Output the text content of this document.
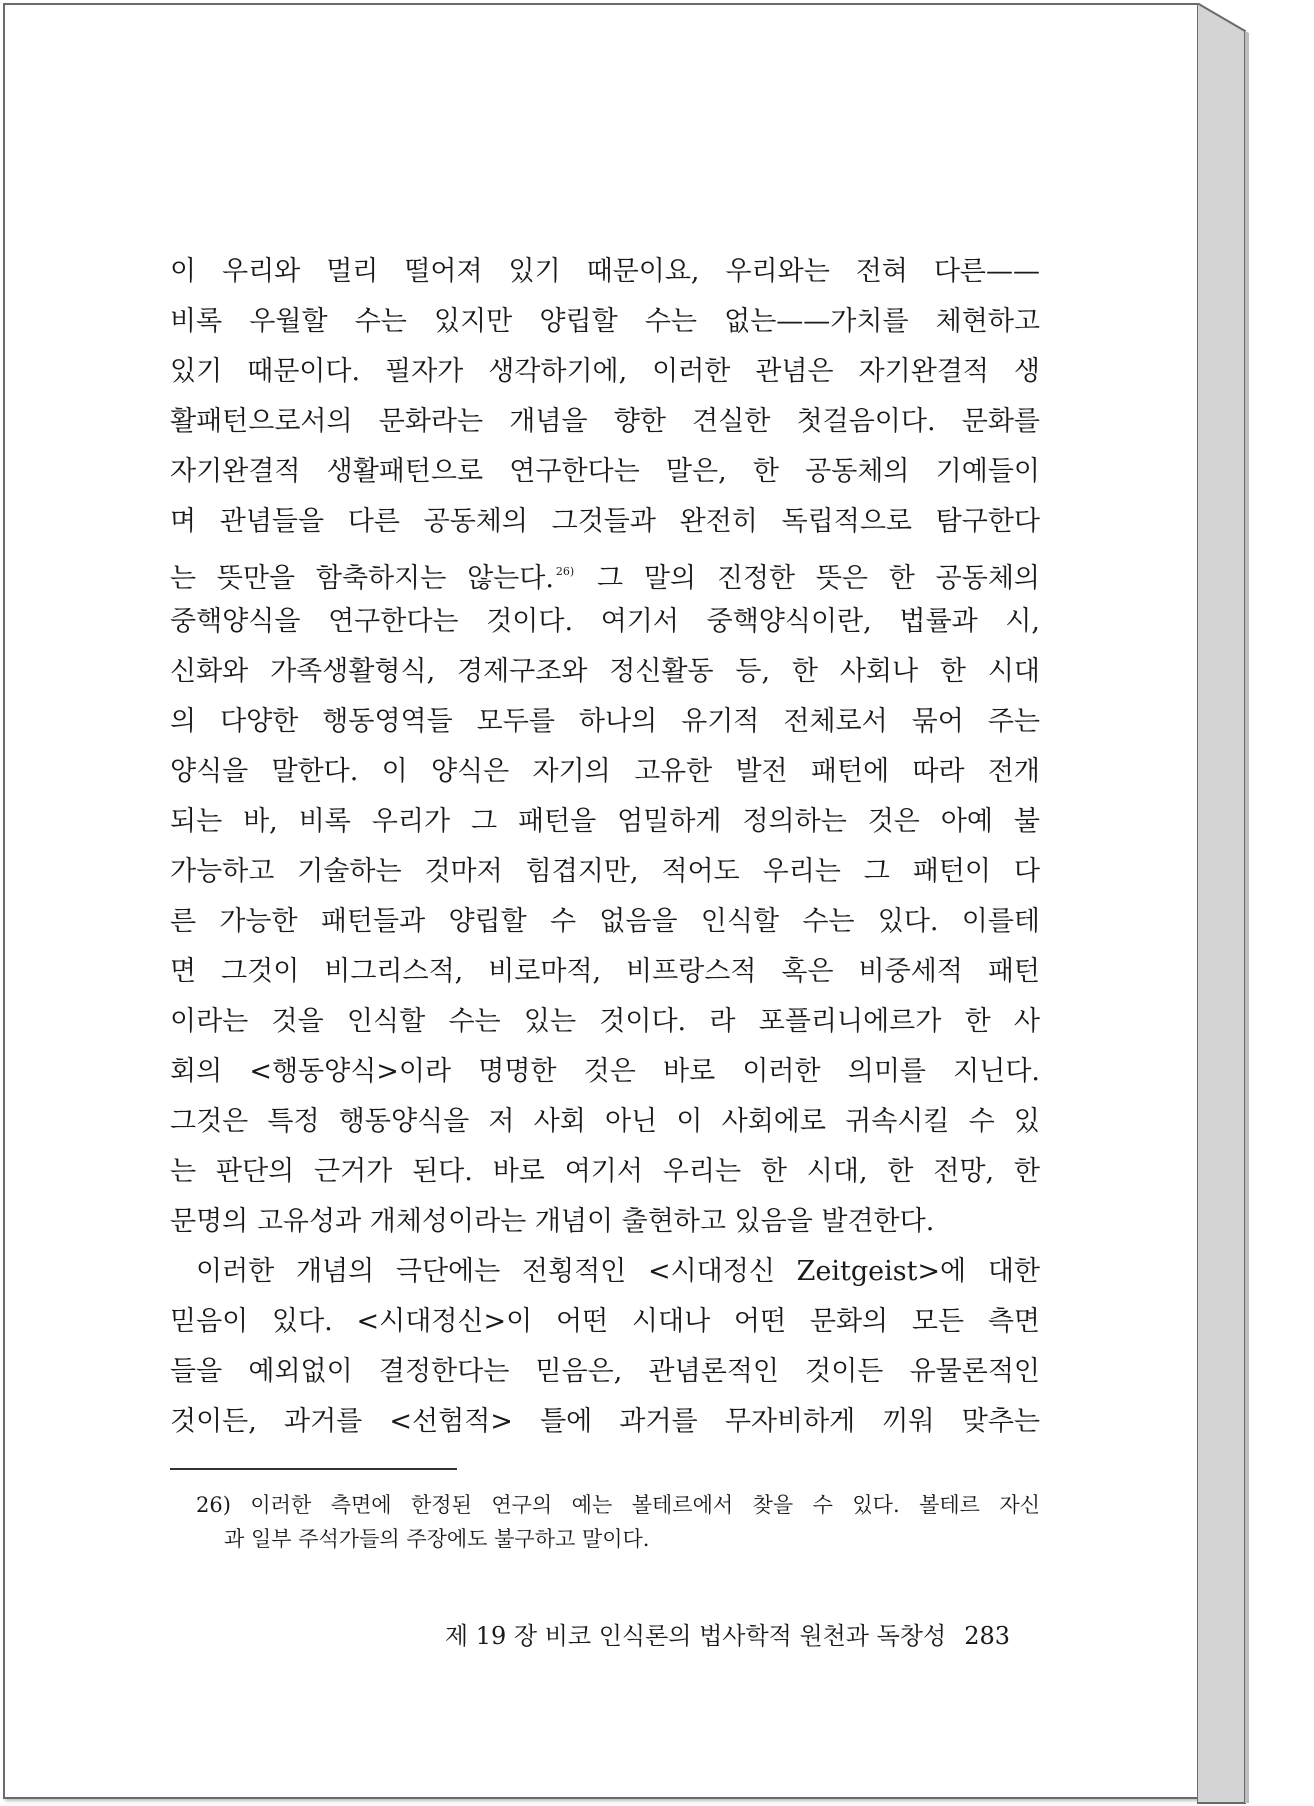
이 우리와 멀리 떨어져 있기 때문이요, 우리와는 전혀 다른——
비록 우월할 수는 있지만 양립할 수는 없는——가치를 체현하고
있기 때문이다. 필자가 생각하기에, 이러한 관념은 자기완결적 생
활패턴으로서의 문화라는 개념을 향한 견실한 첫걸음이다. 문화를
자기완결적 생활패턴으로 연구한다는 말은, 한 공동체의 기예들이
며 관념들을 다른 공동체의 그것들과 완전히 독립적으로 탐구한다
는 뜻만을 함축하지는 않는다. $^{26)}$ 그 말의 진정한 뜻은 한 공동체의
중핵양식을 연구한다는 것이다. 여기서 중핵양식이란, 법률과 시,
신화와 가족생활형식, 경제구조와 정신활동 등, 한 사회나 한 시대
의 다양한 행동영역들 모두를 하나의 유기적 전체로서 묶어 주는
양식을 말한다. 이 양식은 자기의 고유한 발전 패턴에 따라 전개
되는 바, 비록 우리가 그 패턴을 엄밀하게 정의하는 것은 아예 불
가능하고 기술하는 것마저 힘겹지만, 적어도 우리는 그 패턴이 다
른 가능한 패턴들과 양립할 수 없음을 인식할 수는 있다. 이를테
면 그것이 비그리스적, 비로마적, 비프랑스적 혹은 비중세적 패턴
이라는 것을 인식할 수는 있는 것이다. 라 포플리니에르가 한 사
회의 <행동양식>이라 명명한 것은 바로 이러한 의미를 지닌다.
그것은 특정 행동양식을 저 사회 아닌 이 사회에로 귀속시킬 수 있
는 판단의 근거가 된다. 바로 여기서 우리는 한 시대, 한 전망, 한
문명의 고유성과 개체성이라는 개념이 출현하고 있음을 발견한다.
이러한 개념의 극단에는 전횡적인 <시대정신 Zeitgeist>에 대한
믿음이 있다. <시대정신>이 어떤 시대나 어떤 문화의 모든 측면
들을 예외없이 결정한다는 믿음은, 관념론적인 것이든 유물론적인
것이든, 과거를 <선험적> 틀에 과거를 무자비하게 끼워 맞추는
26) 이러한 측면에 한정된 연구의 예는 볼테르에서 찾을 수 있다. 볼테르 자신
과 일부 주석가들의 주장에도 불구하고 말이다.
제 19 장 비코 인식론의 법사학적 원천과 독창성 283
